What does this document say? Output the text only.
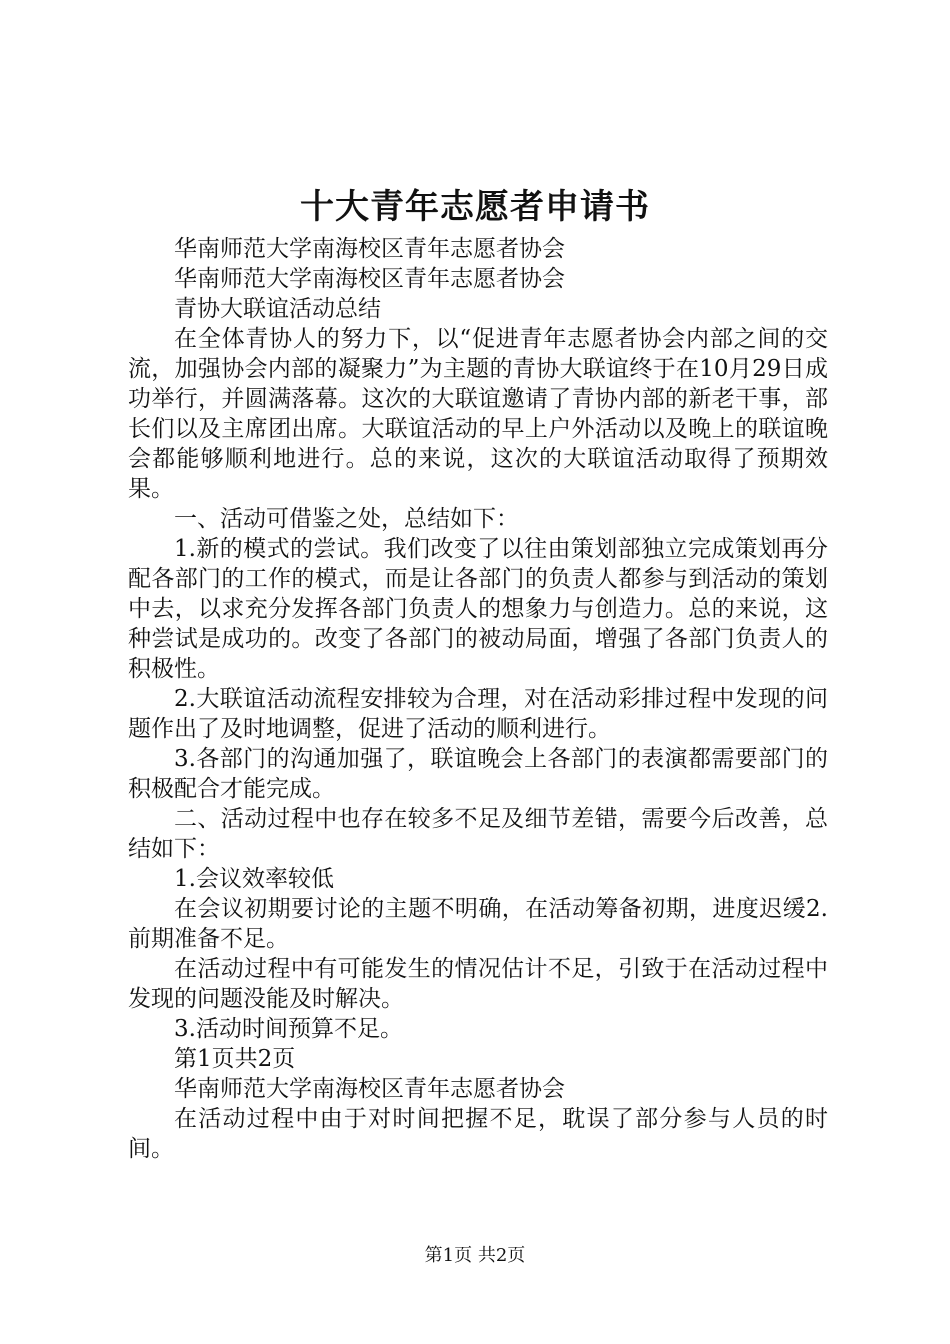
十大青年志愿者申请书

华南师范大学南海校区青年志愿者协会

华南师范大学南海校区青年志愿者协会

青协大联谊活动总结

在全体青协人的努力下，以“促进青年志愿者协会内部之间的交流，加强协会内部的凝聚力”为主题的青协大联谊终于在10月29日成功举行，并圆满落幕。这次的大联谊邀请了青协内部的新老干事，部长们以及主席团出席。大联谊活动的早上户外活动以及晚上的联谊晚会都能够顺利地进行。总的来说，这次的大联谊活动取得了预期效果。

一、活动可借鉴之处，总结如下：

1.新的模式的尝试。我们改变了以往由策划部独立完成策划再分配各部门的工作的模式，而是让各部门的负责人都参与到活动的策划中去，以求充分发挥各部门负责人的想象力与创造力。总的来说，这种尝试是成功的。改变了各部门的被动局面，增强了各部门负责人的积极性。

2.大联谊活动流程安排较为合理，对在活动彩排过程中发现的问题作出了及时地调整，促进了活动的顺利进行。

3.各部门的沟通加强了，联谊晚会上各部门的表演都需要部门的积极配合才能完成。

二、活动过程中也存在较多不足及细节差错，需要今后改善，总结如下：

1.会议效率较低

在会议初期要讨论的主题不明确，在活动筹备初期，进度迟缓2.前期准备不足。

在活动过程中有可能发生的情况估计不足，引致于在活动过程中发现的问题没能及时解决。

3.活动时间预算不足。

第1页共2页

华南师范大学南海校区青年志愿者协会

在活动过程中由于对时间把握不足，耽误了部分参与人员的时间。

第1页 共2页
